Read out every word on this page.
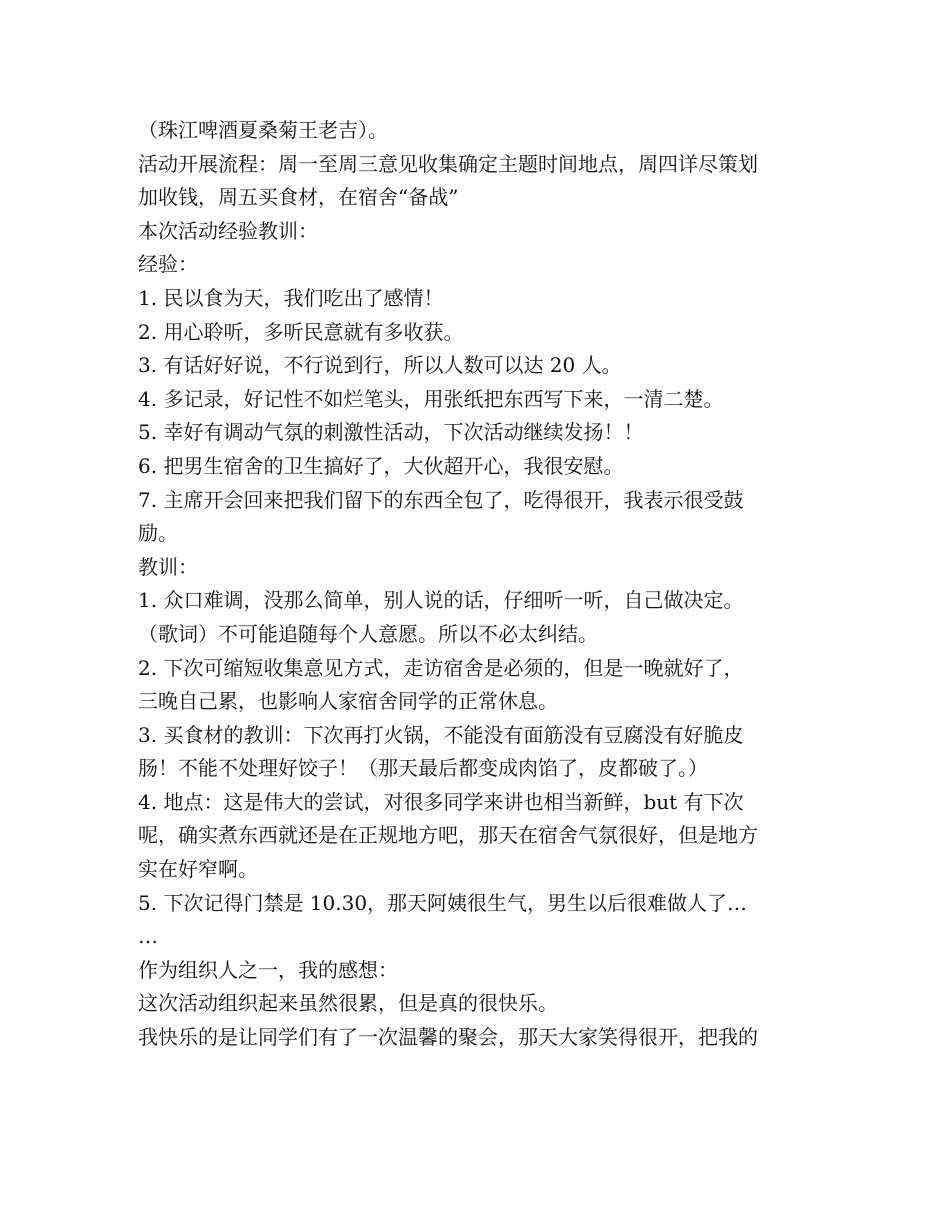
（珠江啤酒夏桑菊王老吉）。

活动开展流程：周一至周三意见收集确定主题时间地点，周四详尽策划

加收钱，周五买食材，在宿舍“备战”

本次活动经验教训：

经验：

1. 民以食为天，我们吃出了感情！

2. 用心聆听，多听民意就有多收获。

3. 有话好好说，不行说到行，所以人数可以达 20 人。

4. 多记录，好记性不如烂笔头，用张纸把东西写下来，一清二楚。

5. 幸好有调动气氛的刺激性活动，下次活动继续发扬！！

6. 把男生宿舍的卫生搞好了，大伙超开心，我很安慰。

7. 主席开会回来把我们留下的东西全包了，吃得很开，我表示很受鼓

励。

教训：

1. 众口难调，没那么简单，别人说的话，仔细听一听，自己做决定。

（歌词）不可能追随每个人意愿。所以不必太纠结。

2. 下次可缩短收集意见方式，走访宿舍是必须的，但是一晚就好了，

三晚自己累，也影响人家宿舍同学的正常休息。

3. 买食材的教训：下次再打火锅，不能没有面筋没有豆腐没有好脆皮

肠！不能不处理好饺子！（那天最后都变成肉馅了，皮都破了。）

4. 地点：这是伟大的尝试，对很多同学来讲也相当新鲜，but 有下次

呢，确实煮东西就还是在正规地方吧，那天在宿舍气氛很好，但是地方

实在好窄啊。

5. 下次记得门禁是 10.30，那天阿姨很生气，男生以后很难做人了…

…

作为组织人之一，我的感想：

这次活动组织起来虽然很累，但是真的很快乐。

我快乐的是让同学们有了一次温馨的聚会，那天大家笑得很开，把我的
